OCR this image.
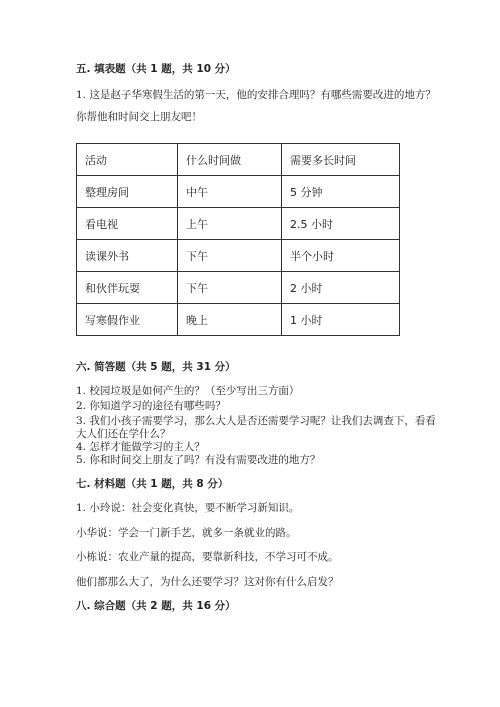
五. 填表题（共 1 题，共 10 分）
1. 这是赵子华寒假生活的第一天，他的安排合理吗？有哪些需要改进的地方？
你帮他和时间交上朋友吧！
活动	什么时间做	需要多长时间
整理房间	中午	5 分钟
看电视	上午	2.5 小时
读课外书	下午	半个小时
和伙伴玩耍	下午	2 小时
写寒假作业	晚上	1 小时
六. 简答题（共 5 题，共 31 分）
1. 校园垃圾是如何产生的？（至少写出三方面）
2. 你知道学习的途径有哪些吗？
3. 我们小孩子需要学习，那么大人是否还需要学习呢？让我们去调查下，看看
大人们还在学什么？
4. 怎样才能做学习的主人？
5. 你和时间交上朋友了吗？有没有需要改进的地方？
七. 材料题（共 1 题，共 8 分）
1. 小玲说：社会变化真快，要不断学习新知识。
小华说：学会一门新手艺，就多一条就业的路。
小栋说：农业产量的提高，要靠新科技，不学习可不成。
他们都那么大了，为什么还要学习？这对你有什么启发？
八. 综合题（共 2 题，共 16 分）
